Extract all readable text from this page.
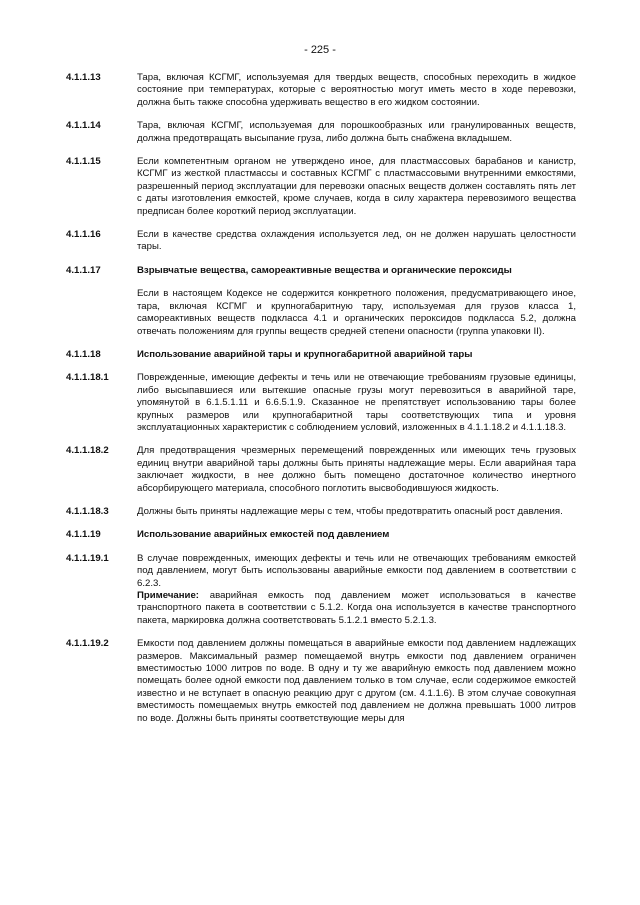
- 225 -
4.1.1.13	Тара, включая КСГМГ, используемая для твердых веществ, способных переходить в жидкое состояние при температурах, которые с вероятностью могут иметь место в ходе перевозки, должна быть также способна удерживать вещество в его жидком состоянии.

4.1.1.14	Тара, включая КСГМГ, используемая для порошкообразных или гранулированных веществ, должна предотвращать высыпание груза, либо должна быть снабжена вкладышем.

4.1.1.15	Если компетентным органом не утверждено иное, для пластмассовых барабанов и канистр, КСГМГ из жесткой пластмассы и составных КСГМГ с пластмассовыми внутренними емкостями, разрешенный период эксплуатации для перевозки опасных веществ должен составлять пять лет с даты изготовления емкостей, кроме случаев, когда в силу характера перевозимого вещества предписан более короткий период эксплуатации.

4.1.1.16	Если в качестве средства охлаждения используется лед, он не должен нарушать целостности тары.

4.1.1.17	Взрывчатые вещества, самореактивные вещества и органические пероксиды

Если в настоящем Кодексе не содержится конкретного положения, предусматривающего иное, тара, включая КСГМГ и крупногабаритную тару, используемая для грузов класса 1, самореактивных веществ подкласса 4.1 и органических пероксидов подкласса 5.2, должна отвечать положениям для группы веществ средней степени опасности (группа упаковки II).

4.1.1.18	Использование аварийной тары и крупногабаритной аварийной тары

4.1.1.18.1	Поврежденные, имеющие дефекты и течь или не отвечающие требованиям грузовые единицы, либо высыпавшиеся или вытекшие опасные грузы могут перевозиться в аварийной таре, упомянутой в 6.1.5.1.11 и 6.6.5.1.9. Сказанное не препятствует использованию тары более крупных размеров или крупногабаритной тары соответствующих типа и уровня эксплуатационных характеристик с соблюдением условий, изложенных в 4.1.1.18.2 и 4.1.1.18.3.

4.1.1.18.2	Для предотвращения чрезмерных перемещений поврежденных или имеющих течь грузовых единиц внутри аварийной тары должны быть приняты надлежащие меры. Если аварийная тара заключает жидкости, в нее должно быть помещено достаточное количество инертного абсорбирующего материала, способного поглотить высвободившуюся жидкость.

4.1.1.18.3	Должны быть приняты надлежащие меры с тем, чтобы предотвратить опасный рост давления.

4.1.1.19	Использование аварийных емкостей под давлением

4.1.1.19.1	В случае поврежденных, имеющих дефекты и течь или не отвечающих требованиям емкостей под давлением, могут быть использованы аварийные емкости под давлением в соответствии с 6.2.3.

Примечание: аварийная емкость под давлением может использоваться в качестве транспортного пакета в соответствии с 5.1.2. Когда она используется в качестве транспортного пакета, маркировка должна соответствовать 5.1.2.1 вместо 5.2.1.3.

4.1.1.19.2	Емкости под давлением должны помещаться в аварийные емкости под давлением надлежащих размеров. Максимальный размер помещаемой внутрь емкости под давлением ограничен вместимостью 1000 литров по воде. В одну и ту же аварийную емкость под давлением можно помещать более одной емкости под давлением только в том случае, если содержимое емкостей известно и не вступает в опасную реакцию друг с другом (см. 4.1.1.6). В этом случае совокупная вместимость помещаемых внутрь емкостей под давлением не должна превышать 1000 литров по воде. Должны быть приняты соответствующие меры для
